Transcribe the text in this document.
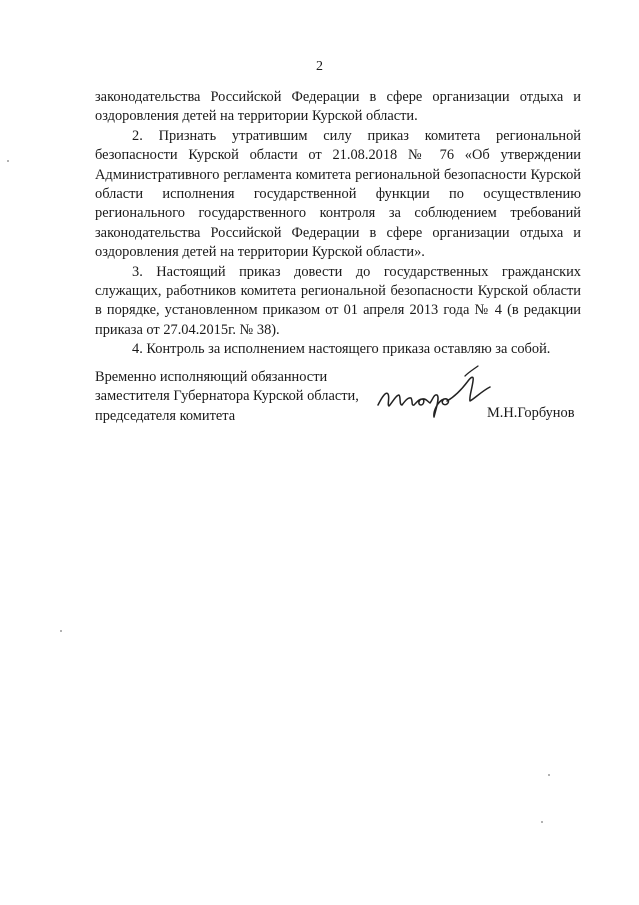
2

законодательства Российской Федерации в сфере организации отдыха и оздоровления детей на территории Курской области.

2. Признать утратившим силу приказ комитета региональной безопасности Курской области от 21.08.2018 № 76 «Об утверждении Административного регламента комитета региональной безопасности Курской области исполнения государственной функции по осуществлению регионального государственного контроля за соблюдением требований законодательства Российской Федерации в сфере организации отдыха и оздоровления детей на территории Курской области».

3. Настоящий приказ довести до государственных гражданских служащих, работников комитета региональной безопасности Курской области в порядке, установленном приказом от 01 апреля 2013 года № 4 (в редакции приказа от 27.04.2015г. № 38).

4. Контроль за исполнением настоящего приказа оставляю за собой.

Временно исполняющий обязанности
заместителя Губернатора Курской области,
председателя комитета	М.Н.Горбунов
